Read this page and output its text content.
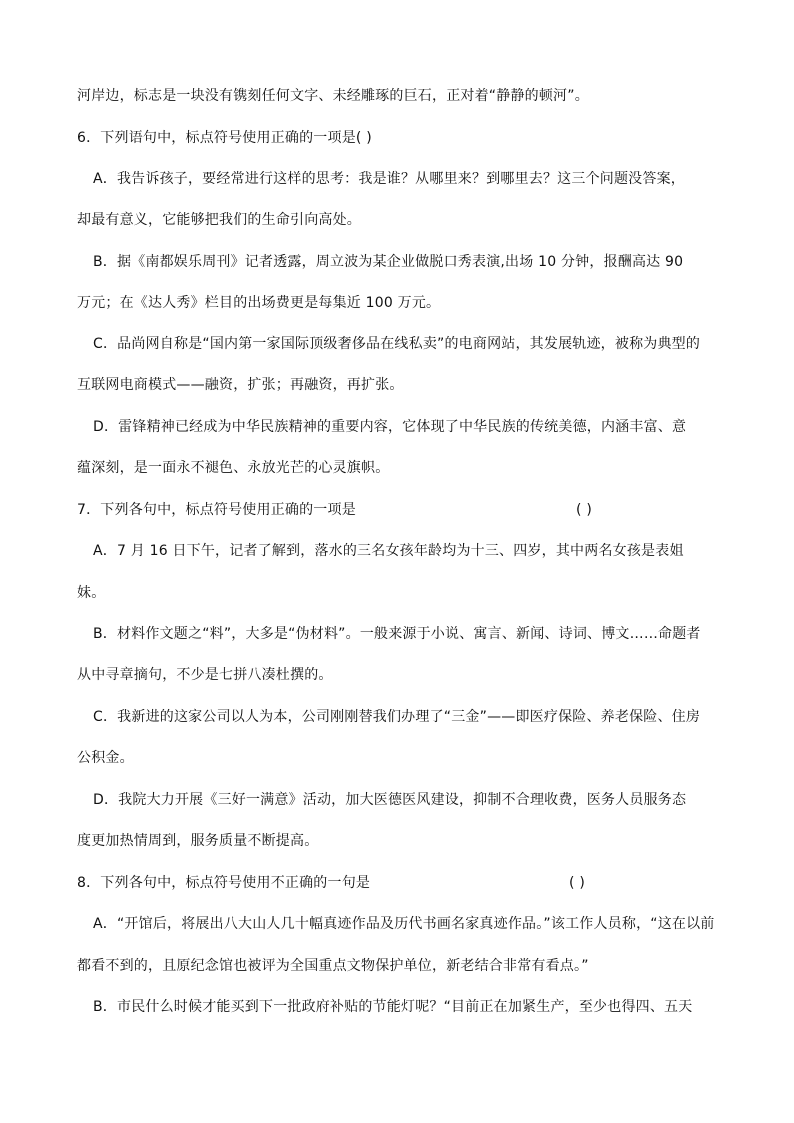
河岸边，标志是一块没有镌刻任何文字、未经雕琢的巨石，正对着“静静的顿河”。
6．下列语句中，标点符号使用正确的一项是( )
A．我告诉孩子，要经常进行这样的思考：我是谁？从哪里来？到哪里去？这三个问题没答案，
却最有意义，它能够把我们的生命引向高处。
B．据《南都娱乐周刊》记者透露，周立波为某企业做脱口秀表演,出场 10 分钟，报酬高达 90
万元；在《达人秀》栏目的出场费更是每集近 100 万元。
C．品尚网自称是“国内第一家国际顶级奢侈品在线私卖”的电商网站，其发展轨迹，被称为典型的
互联网电商模式——融资，扩张；再融资，再扩张。
D．雷锋精神已经成为中华民族精神的重要内容，它体现了中华民族的传统美德，内涵丰富、意
蕴深刻，是一面永不褪色、永放光芒的心灵旗帜。
7．下列各句中，标点符号使用正确的一项是	( )
A．7 月 16 日下午，记者了解到，落水的三名女孩年龄均为十三、四岁，其中两名女孩是表姐
妹。
B．材料作文题之“料”，大多是“伪材料”。一般来源于小说、寓言、新闻、诗词、博文……命题者
从中寻章摘句，不少是七拼八凑杜撰的。
C．我新进的这家公司以人为本，公司刚刚替我们办理了“三金”——即医疗保险、养老保险、住房
公积金。
D．我院大力开展《三好一满意》活动，加大医德医风建设，抑制不合理收费，医务人员服务态
度更加热情周到，服务质量不断提高。
8．下列各句中，标点符号使用不正确的一句是	( )
A．“开馆后，将展出八大山人几十幅真迹作品及历代书画名家真迹作品。”该工作人员称，“这在以前
都看不到的，且原纪念馆也被评为全国重点文物保护单位，新老结合非常有看点。”
B．市民什么时候才能买到下一批政府补贴的节能灯呢？“目前正在加紧生产，至少也得四、五天
